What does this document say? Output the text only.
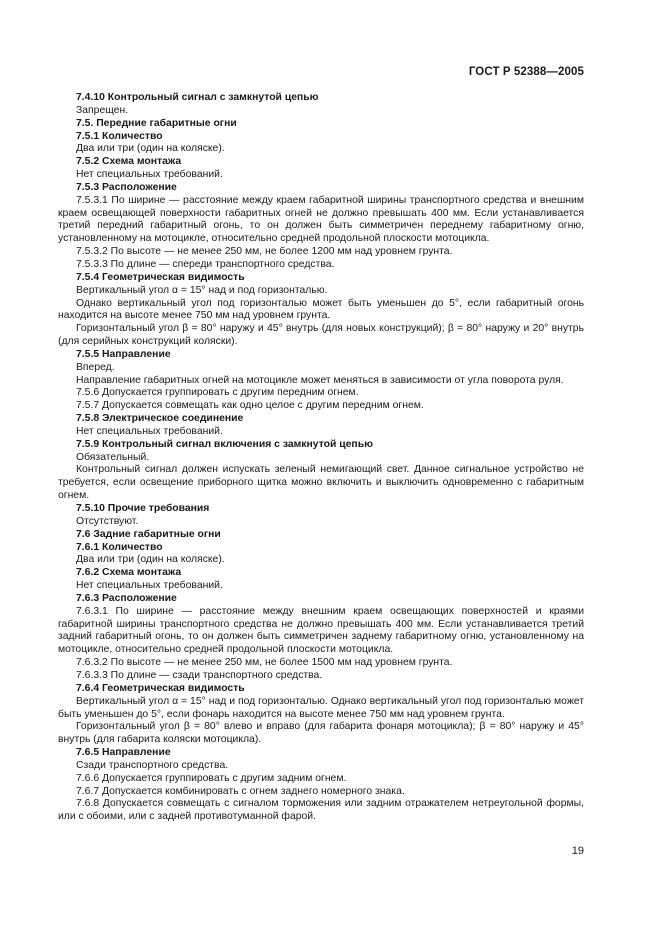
ГОСТ Р 52388—2005

7.4.10 Контрольный сигнал с замкнутой цепью

Запрещен.

7.5. Передние габаритные огни

7.5.1 Количество

Два или три (один на коляске).

7.5.2 Схема монтажа

Нет специальных требований.

7.5.3 Расположение

7.5.3.1 По ширине — расстояние между краем габаритной ширины транспортного средства и внешним краем освещающей поверхности габаритных огней не должно превышать 400 мм. Если устанавливается третий передний габаритный огонь, то он должен быть симметричен переднему габаритному огню, установленному на мотоцикле, относительно средней продольной плоскости мотоцикла.

7.5.3.2 По высоте — не менее 250 мм, не более 1200 мм над уровнем грунта.

7.5.3.3 По длине — спереди транспортного средства.

7.5.4 Геометрическая видимость

Вертикальный угол α = 15° над и под горизонталью.

Однако вертикальный угол под горизонталью может быть уменьшен до 5°, если габаритный огонь находится на высоте менее 750 мм над уровнем грунта.

Горизонтальный угол β = 80° наружу и 45° внутрь (для новых конструкций); β = 80° наружу и 20° внутрь (для серийных конструкций коляски).

7.5.5 Направление

Вперед.

Направление габаритных огней на мотоцикле может меняться в зависимости от угла поворота руля.

7.5.6 Допускается группировать с другим передним огнем.

7.5.7 Допускается совмещать как одно целое с другим передним огнем.

7.5.8 Электрическое соединение

Нет специальных требований.

7.5.9 Контрольный сигнал включения с замкнутой цепью

Обязательный.

Контрольный сигнал должен испускать зеленый немигающий свет. Данное сигнальное устройство не требуется, если освещение приборного щитка можно включить и выключить одновременно с габаритным огнем.

7.5.10 Прочие требования

Отсутствуют.

7.6 Задние габаритные огни

7.6.1 Количество

Два или три (один на коляске).

7.6.2 Схема монтажа

Нет специальных требований.

7.6.3 Расположение

7.6.3.1 По ширине — расстояние между внешним краем освещающих поверхностей и краями габаритной ширины транспортного средства не должно превышать 400 мм. Если устанавливается третий задний габаритный огонь, то он должен быть симметричен заднему габаритному огню, установленному на мотоцикле, относительно средней продольной плоскости мотоцикла.

7.6.3.2 По высоте — не менее 250 мм, не более 1500 мм над уровнем грунта.

7.6.3.3 По длине — сзади транспортного средства.

7.6.4 Геометрическая видимость

Вертикальный угол α = 15° над и под горизонталью. Однако вертикальный угол под горизонталью может быть уменьшен до 5°, если фонарь находится на высоте менее 750 мм над уровнем грунта.

Горизонтальный угол β = 80° влево и вправо (для габарита фонаря мотоцикла); β = 80° наружу и 45° внутрь (для габарита коляски мотоцикла).

7.6.5 Направление

Сзади транспортного средства.

7.6.6 Допускается группировать с другим задним огнем.

7.6.7 Допускается комбинировать с огнем заднего номерного знака.

7.6.8 Допускается совмещать с сигналом торможения или задним отражателем нетреугольной формы, или с обоими, или с задней противотуманной фарой.

19
